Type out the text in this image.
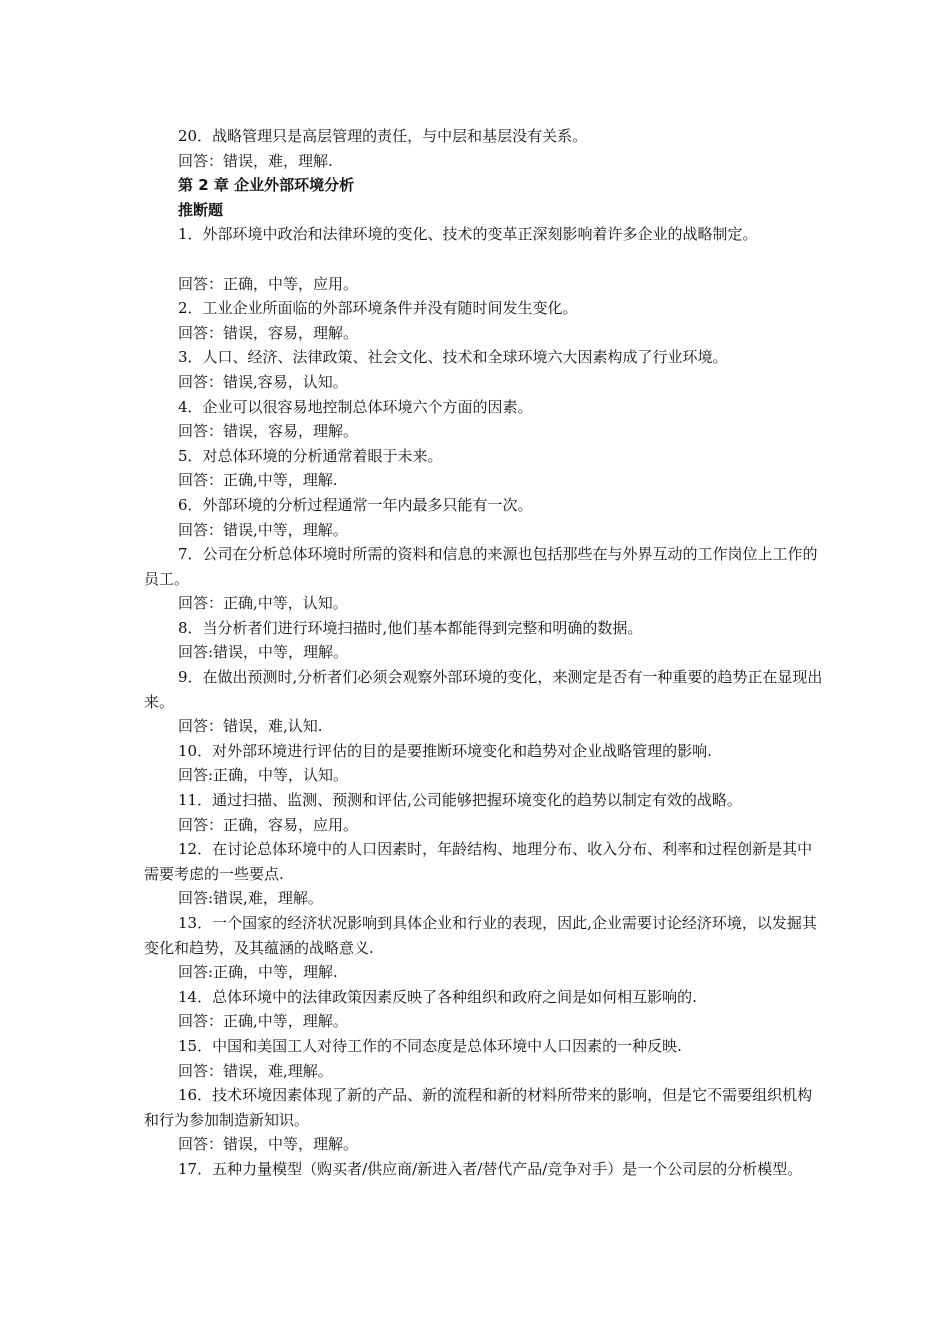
20．战略管理只是高层管理的责任，与中层和基层没有关系。
回答：错误，难，理解.
第 2 章 企业外部环境分析
推断题
1．外部环境中政治和法律环境的变化、技术的变革正深刻影响着许多企业的战略制定。
回答：正确，中等，应用。
2．工业企业所面临的外部环境条件并没有随时间发生变化。
回答：错误，容易，理解。
3．人口、经济、法律政策、社会文化、技术和全球环境六大因素构成了行业环境。
回答：错误,容易，认知。
4．企业可以很容易地控制总体环境六个方面的因素。
回答：错误，容易，理解。
5．对总体环境的分析通常着眼于未来。
回答：正确,中等，理解.
6．外部环境的分析过程通常一年内最多只能有一次。
回答：错误,中等，理解。
7．公司在分析总体环境时所需的资料和信息的来源也包括那些在与外界互动的工作岗位上工作的员工。
回答：正确,中等，认知。
8．当分析者们进行环境扫描时,他们基本都能得到完整和明确的数据。
回答:错误，中等，理解。
9．在做出预测时,分析者们必须会观察外部环境的变化，来测定是否有一种重要的趋势正在显现出来。
回答：错误，难,认知.
10．对外部环境进行评估的目的是要推断环境变化和趋势对企业战略管理的影响.
回答:正确，中等，认知。
11．通过扫描、监测、预测和评估,公司能够把握环境变化的趋势以制定有效的战略。
回答：正确，容易，应用。
12．在讨论总体环境中的人口因素时，年龄结构、地理分布、收入分布、利率和过程创新是其中需要考虑的一些要点.
回答:错误,难，理解。
13．一个国家的经济状况影响到具体企业和行业的表现，因此,企业需要讨论经济环境，以发掘其变化和趋势，及其蕴涵的战略意义.
回答:正确，中等，理解.
14．总体环境中的法律政策因素反映了各种组织和政府之间是如何相互影响的.
回答：正确,中等，理解。
15．中国和美国工人对待工作的不同态度是总体环境中人口因素的一种反映.
回答：错误，难,理解。
16．技术环境因素体现了新的产品、新的流程和新的材料所带来的影响，但是它不需要组织机构和行为参加制造新知识。
回答：错误，中等，理解。
17．五种力量模型（购买者/供应商/新进入者/替代产品/竞争对手）是一个公司层的分析模型。
